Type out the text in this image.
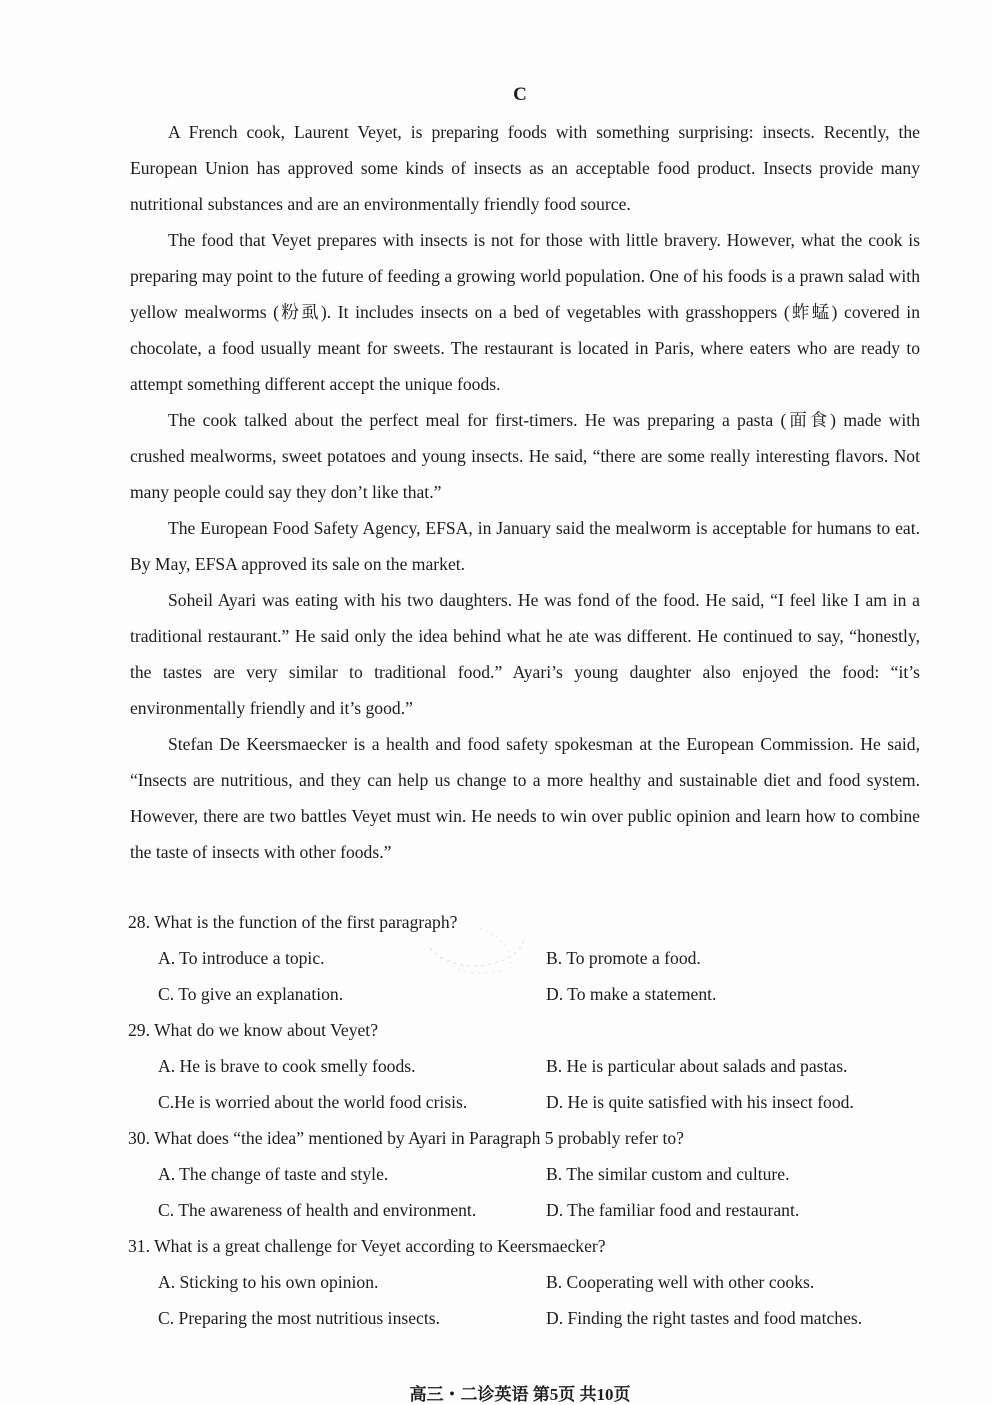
C

A French cook, Laurent Veyet, is preparing foods with something surprising: insects. Recently, the European Union has approved some kinds of insects as an acceptable food product. Insects provide many nutritional substances and are an environmentally friendly food source.

The food that Veyet prepares with insects is not for those with little bravery. However, what the cook is preparing may point to the future of feeding a growing world population. One of his foods is a prawn salad with yellow mealworms (粉虱). It includes insects on a bed of vegetables with grasshoppers (蚱蜢) covered in chocolate, a food usually meant for sweets. The restaurant is located in Paris, where eaters who are ready to attempt something different accept the unique foods.

The cook talked about the perfect meal for first-timers. He was preparing a pasta (面食) made with crushed mealworms, sweet potatoes and young insects. He said, “there are some really interesting flavors. Not many people could say they don’t like that.”

The European Food Safety Agency, EFSA, in January said the mealworm is acceptable for humans to eat. By May, EFSA approved its sale on the market.

Soheil Ayari was eating with his two daughters. He was fond of the food. He said, “I feel like I am in a traditional restaurant.” He said only the idea behind what he ate was different. He continued to say, “honestly, the tastes are very similar to traditional food.” Ayari’s young daughter also enjoyed the food: “it’s environmentally friendly and it’s good.”

Stefan De Keersmaecker is a health and food safety spokesman at the European Commission. He said, “Insects are nutritious, and they can help us change to a more healthy and sustainable diet and food system. However, there are two battles Veyet must win. He needs to win over public opinion and learn how to combine the taste of insects with other foods.”

28. What is the function of the first paragraph?

A. To introduce a topic.	B. To promote a food.
C. To give an explanation.	D. To make a statement.

29. What do we know about Veyet?

A. He is brave to cook smelly foods.	B. He is particular about salads and pastas.
C.He is worried about the world food crisis.	D. He is quite satisfied with his insect food.

30. What does “the idea” mentioned by Ayari in Paragraph 5 probably refer to?

A. The change of taste and style.	B. The similar custom and culture.
C. The awareness of health and environment.	D. The familiar food and restaurant.

31. What is a great challenge for Veyet according to Keersmaecker?

A. Sticking to his own opinion.	B. Cooperating well with other cooks.
C. Preparing the most nutritious insects.	D. Finding the right tastes and food matches.
高三・二诊英语 第5页 共10页
